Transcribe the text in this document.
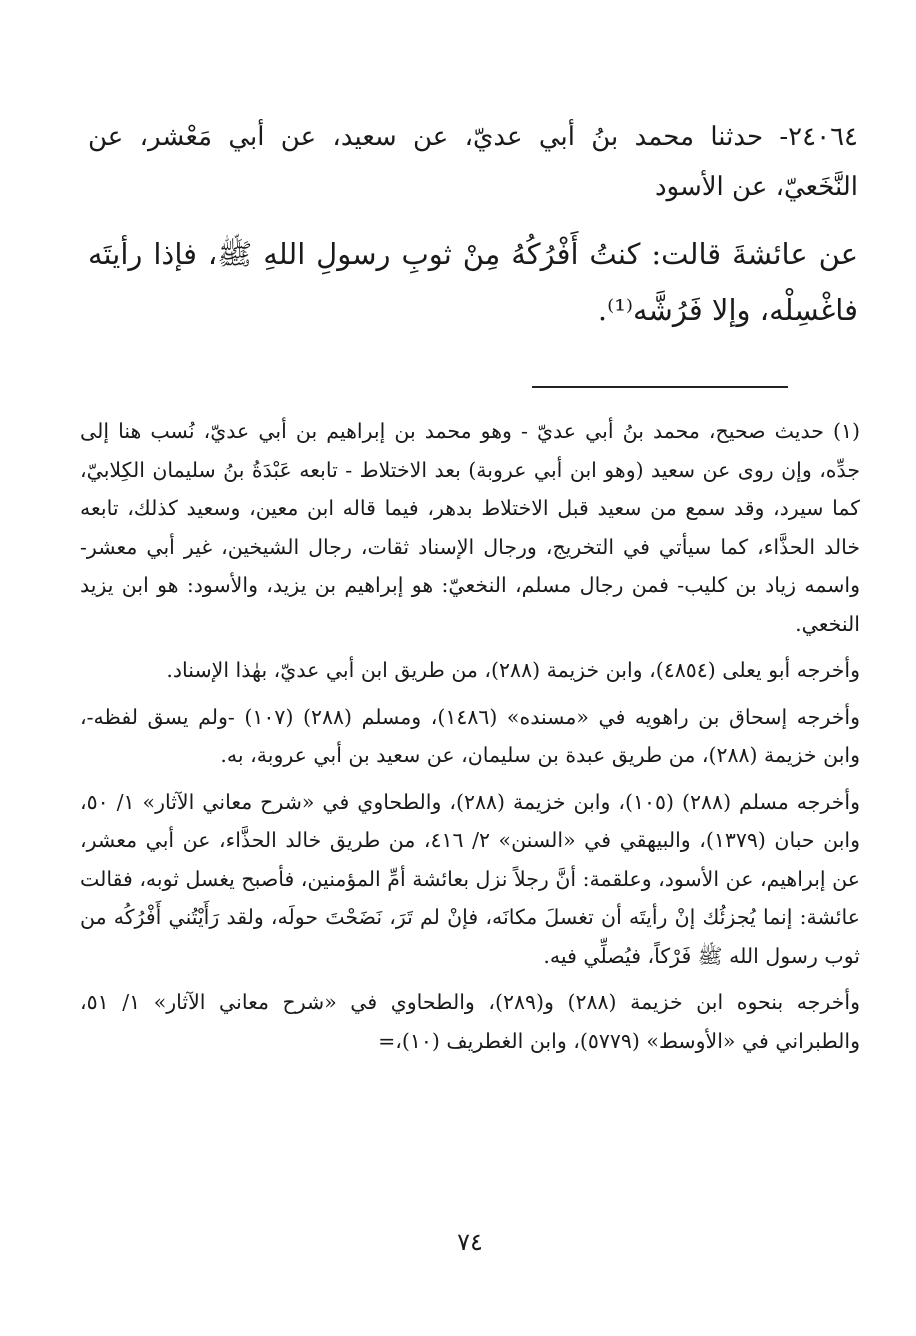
٢٤٠٦٤- حدثنا محمد بنُ أبي عديّ، عن سعيد، عن أبي مَعْشر، عن النَّخَعيّ، عن الأسود

عن عائشةَ قالت: كنتُ أَفْرُكُهُ مِنْ ثوبِ رسولِ اللهِ ﷺ، فإذا رأيتَه فاغْسِلْه، وإلا فَرُشَّه⁽¹⁾.

(١) حديث صحيح، محمد بنُ أبي عديّ - وهو محمد بن إبراهيم بن أبي عديّ، نُسب هنا إلى جدِّه، وإن روى عن سعيد (وهو ابن أبي عروبة) بعد الاختلاط - تابعه عَبْدَةُ بنُ سليمان الكِلابيّ، كما سيرد، وقد سمع من سعيد قبل الاختلاط بدهر، فيما قاله ابن معين، وسعيد كذلك، تابعه خالد الحذَّاء، كما سيأتي في التخريج، ورجال الإسناد ثقات، رجال الشيخين، غير أبي معشر- واسمه زياد بن كليب- فمن رجال مسلم، النخعيّ: هو إبراهيم بن يزيد، والأسود: هو ابن يزيد النخعي.

وأخرجه أبو يعلى (٤٨٥٤)، وابن خزيمة (٢٨٨)، من طريق ابن أبي عديّ، بهٰذا الإسناد.

وأخرجه إسحاق بن راهويه في «مسنده» (١٤٨٦)، ومسلم (٢٨٨) (١٠٧) -ولم يسق لفظه-، وابن خزيمة (٢٨٨)، من طريق عبدة بن سليمان، عن سعيد بن أبي عروبة، به.

وأخرجه مسلم (٢٨٨) (١٠٥)، وابن خزيمة (٢٨٨)، والطحاوي في «شرح معاني الآثار» ١/ ٥٠، وابن حبان (١٣٧٩)، والبيهقي في «السنن» ٢/ ٤١٦، من طريق خالد الحذَّاء، عن أبي معشر، عن إبراهيم، عن الأسود، وعلقمة: أنَّ رجلاً نزل بعائشة أمِّ المؤمنين، فأصبح يغسل ثوبه، فقالت عائشة: إنما يُجزئُك إنْ رأيتَه أن تغسلَ مكانَه، فإنْ لم تَرَ، نَضَحْتَ حولَه، ولقد رَأَيْتُني أَفْرُكُه من ثوب رسول الله ﷺ فَرْكاً، فيُصلِّي فيه.

وأخرجه بنحوه ابن خزيمة (٢٨٨) و(٢٨٩)، والطحاوي في «شرح معاني الآثار» ١/ ٥١، والطبراني في «الأوسط» (٥٧٧٩)، وابن الغطريف (١٠)،=

٧٤
